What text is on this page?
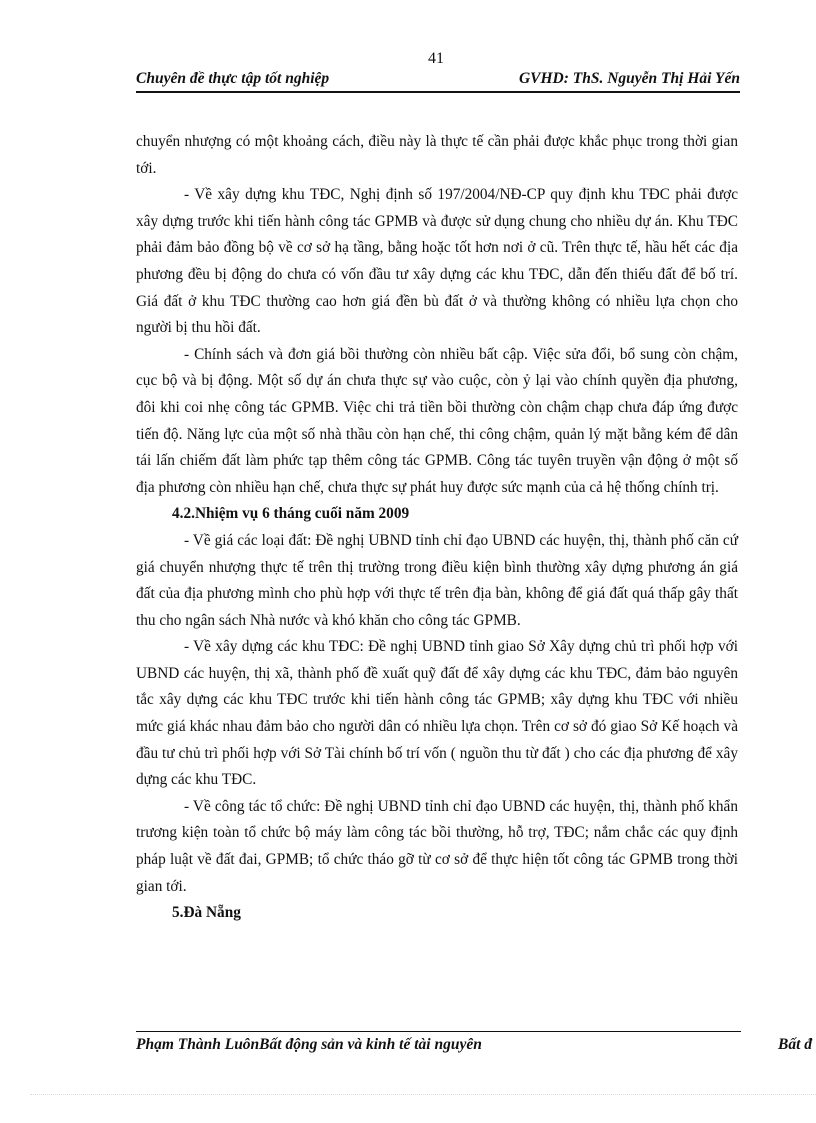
41
Chuyên đề thực tập tốt nghiệp	GVHD: ThS. Nguyễn Thị Hải Yến

chuyển nhượng có một khoảng cách, điều này là thực tế cần phải được khắc phục trong thời gian tới.

- Về xây dựng khu TĐC, Nghị định số 197/2004/NĐ-CP quy định khu TĐC phải được xây dựng trước khi tiến hành công tác GPMB và được sử dụng chung cho nhiều dự án. Khu TĐC phải đảm bảo đồng bộ về cơ sở hạ tầng, bằng hoặc tốt hơn nơi ở cũ. Trên thực tế, hầu hết các địa phương đều bị động do chưa có vốn đầu tư xây dựng các khu TĐC, dẫn đến thiếu đất để bố trí. Giá đất ở khu TĐC thường cao hơn giá đền bù đất ở và thường không có nhiều lựa chọn cho người bị thu hồi đất.

- Chính sách và đơn giá bồi thường còn nhiều bất cập. Việc sửa đổi, bổ sung còn chậm, cục bộ và bị động. Một số dự án chưa thực sự vào cuộc, còn ỷ lại vào chính quyền địa phương, đôi khi coi nhẹ công tác GPMB. Việc chi trả tiền bồi thường còn chậm chạp chưa đáp ứng được tiến độ. Năng lực của một số nhà thầu còn hạn chế, thi công chậm, quản lý mặt bằng kém để dân tái lấn chiếm đất làm phức tạp thêm công tác GPMB. Công tác tuyên truyền vận động ở một số địa phương còn nhiều hạn chế, chưa thực sự phát huy được sức mạnh của cả hệ thống chính trị.

4.2.Nhiệm vụ 6 tháng cuối năm 2009

- Về giá các loại đất: Đề nghị UBND tỉnh chỉ đạo UBND các huyện, thị, thành phố căn cứ giá chuyển nhượng thực tế trên thị trường trong điều kiện bình thường xây dựng phương án giá đất của địa phương mình cho phù hợp với thực tế trên địa bàn, không để giá đất quá thấp gây thất thu cho ngân sách Nhà nước và khó khăn cho công tác GPMB.

- Về xây dựng các khu TĐC: Đề nghị UBND tỉnh giao Sở Xây dựng chủ trì phối hợp với UBND các huyện, thị xã, thành phố đề xuất quỹ đất để xây dựng các khu TĐC, đảm bảo nguyên tắc xây dựng các khu TĐC trước khi tiến hành công tác GPMB; xây dựng khu TĐC với nhiều mức giá khác nhau đảm bảo cho người dân có nhiều lựa chọn. Trên cơ sở đó giao Sở Kế hoạch và đầu tư chủ trì phối hợp với Sở Tài chính bố trí vốn ( nguồn thu từ đất ) cho các địa phương để xây dựng các khu TĐC.

- Về công tác tổ chức: Đề nghị UBND tỉnh chỉ đạo UBND các huyện, thị, thành phố khẩn trương kiện toàn tổ chức bộ máy làm công tác bồi thường, hỗ trợ, TĐC; nắm chắc các quy định pháp luật về đất đai, GPMB; tổ chức tháo gỡ từ cơ sở để thực hiện tốt công tác GPMB trong thời gian tới.

5.Đà Nẵng

Phạm Thành LuônBất động sản và kinh tế tài nguyên	Bất đ
